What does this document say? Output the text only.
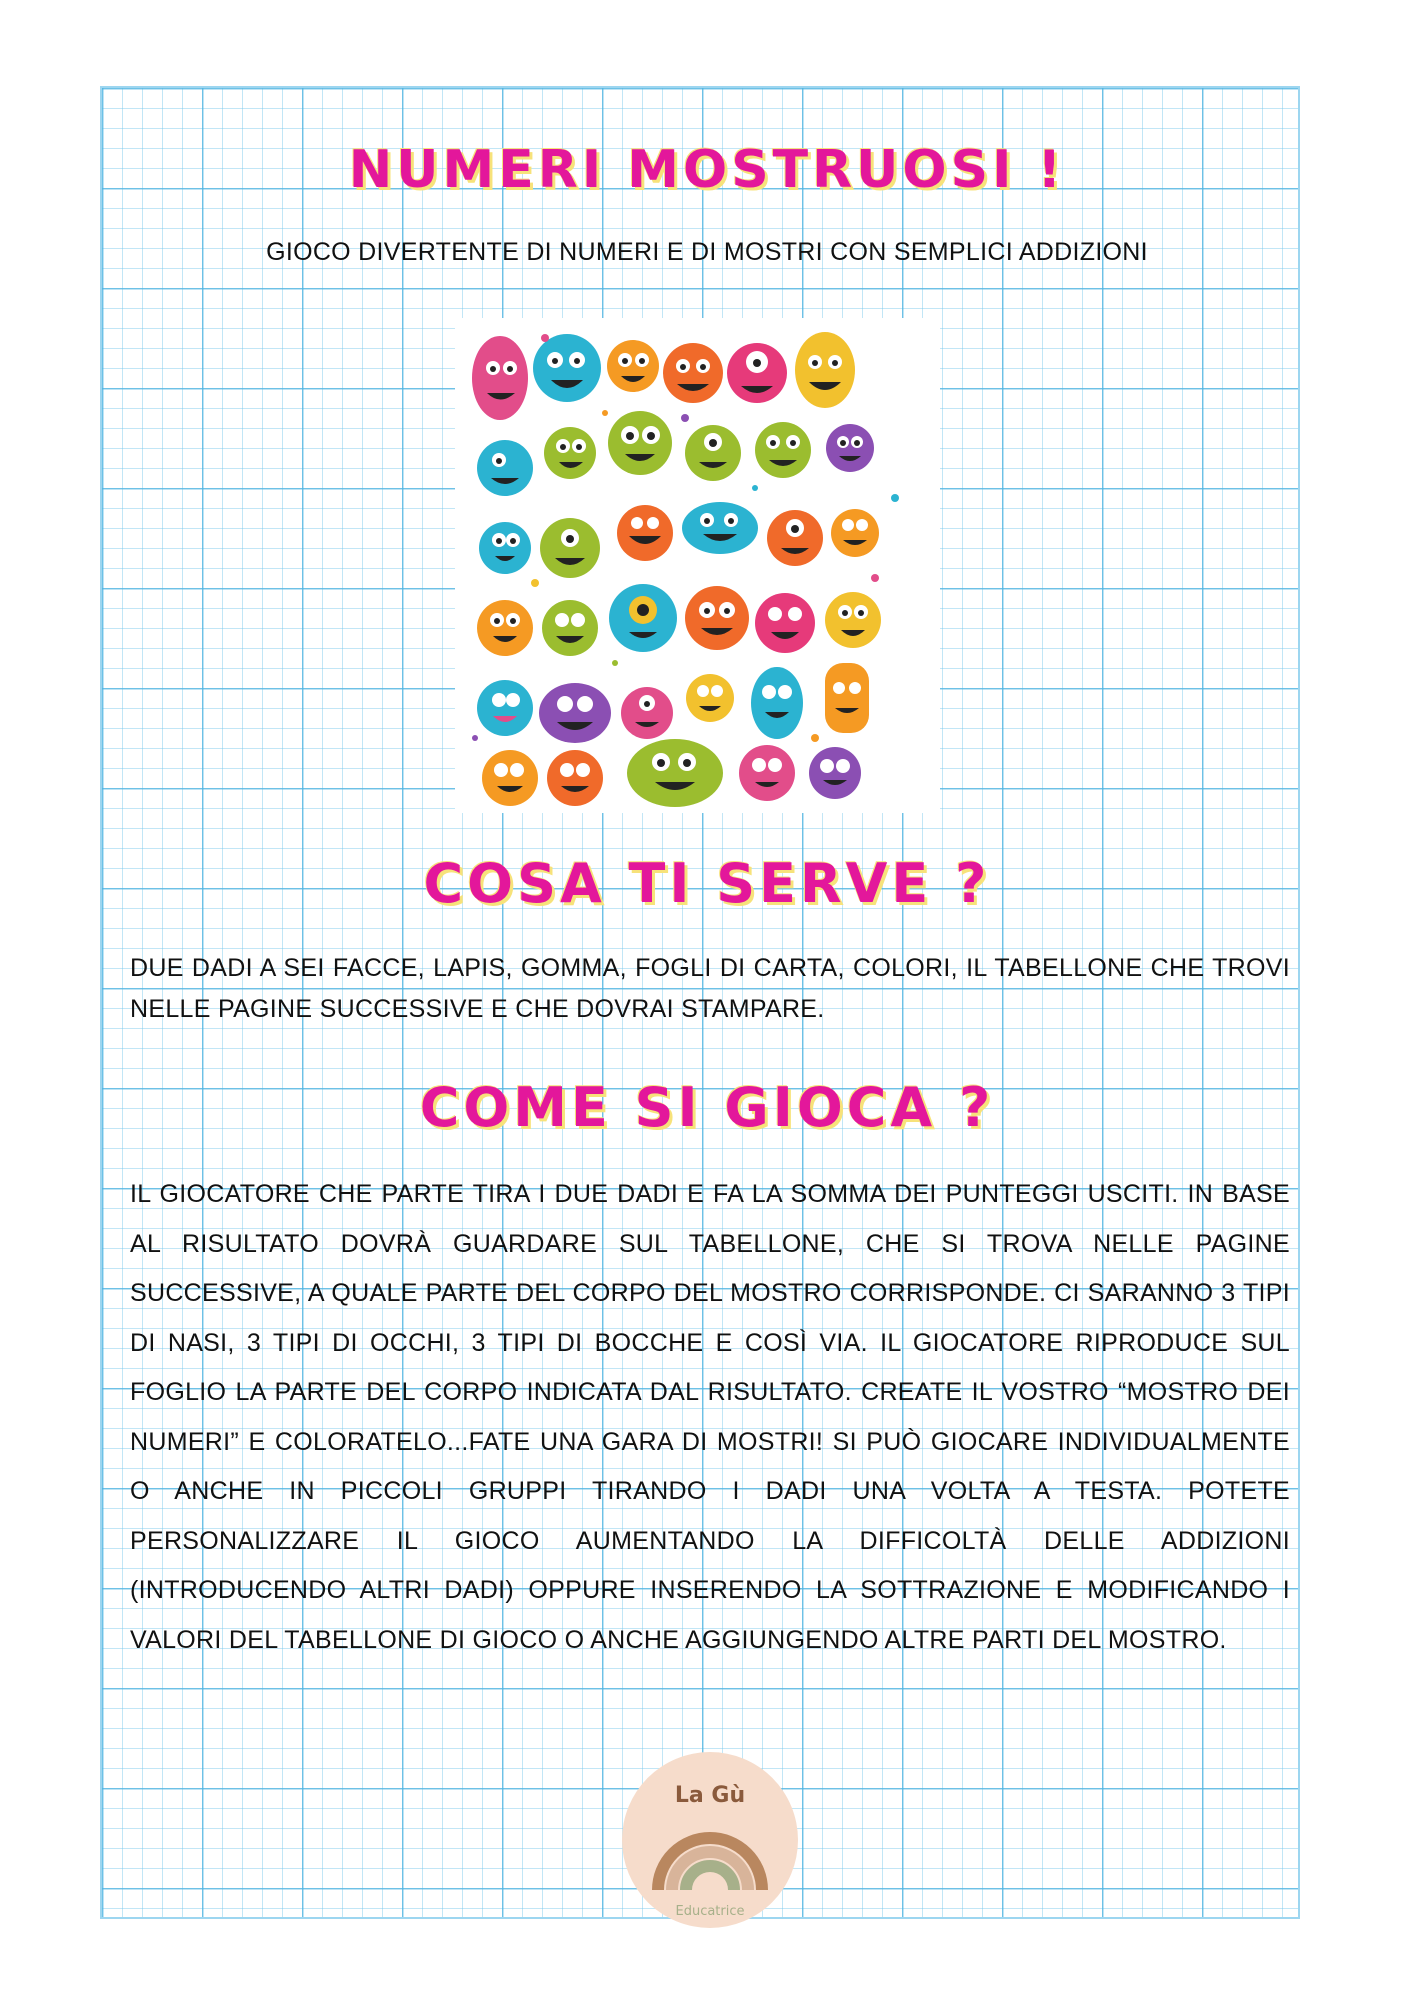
NUMERI MOSTRUOSI !
GIOCO DIVERTENTE DI NUMERI E DI MOSTRI CON SEMPLICI ADDIZIONI
COSA TI SERVE ?
DUE DADI A SEI FACCE, LAPIS, GOMMA, FOGLI DI CARTA, COLORI, IL TABELLONE CHE TROVI NELLE PAGINE SUCCESSIVE E CHE DOVRAI STAMPARE.
COME SI GIOCA ?
IL GIOCATORE CHE PARTE TIRA I DUE DADI E FA LA SOMMA DEI PUNTEGGI USCITI. IN BASE AL RISULTATO DOVRÀ GUARDARE SUL TABELLONE, CHE SI TROVA NELLE PAGINE SUCCESSIVE, A QUALE PARTE DEL CORPO DEL MOSTRO CORRISPONDE. CI SARANNO 3 TIPI DI NASI, 3 TIPI DI OCCHI, 3 TIPI DI BOCCHE E COSÌ VIA. IL GIOCATORE RIPRODUCE SUL FOGLIO LA PARTE DEL CORPO INDICATA DAL RISULTATO. CREATE IL VOSTRO “MOSTRO DEI NUMERI” E COLORATELO...FATE UNA GARA DI MOSTRI! SI PUÒ GIOCARE INDIVIDUALMENTE O ANCHE IN PICCOLI GRUPPI TIRANDO I DADI UNA VOLTA A TESTA. POTETE PERSONALIZZARE IL GIOCO AUMENTANDO LA DIFFICOLTÀ DELLE ADDIZIONI (INTRODUCENDO ALTRI DADI) OPPURE INSERENDO LA SOTTRAZIONE E MODIFICANDO I VALORI DEL TABELLONE DI GIOCO O ANCHE AGGIUNGENDO ALTRE PARTI DEL MOSTRO.
La Gù
Educatrice
